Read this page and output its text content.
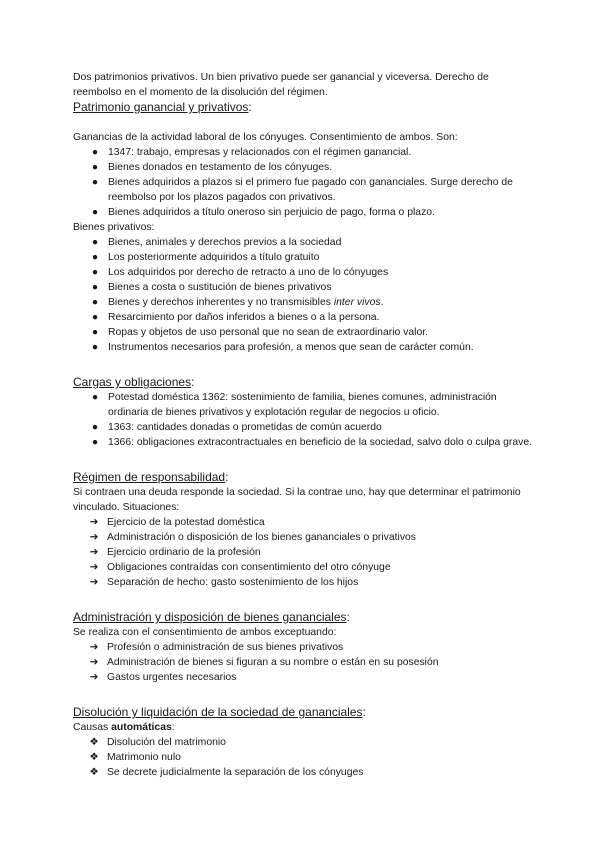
Dos patrimonios privativos. Un bien privativo puede ser ganancial y viceversa. Derecho de reembolso en el momento de la disolución del régimen.

Patrimonio ganancial y privativos:

Ganancias de la actividad laboral de los cónyuges. Consentimiento de ambos. Son:

● 1347: trabajo, empresas y relacionados con el régimen ganancial.
● Bienes donados en testamento de los cónyuges.
● Bienes adquiridos a plazos si el primero fue pagado con gananciales. Surge derecho de reembolso por los plazos pagados con privativos.
● Bienes adquiridos a título oneroso sin perjuicio de pago, forma o plazo.

Bienes privativos:

● Bienes, animales y derechos previos a la sociedad
● Los posteriormente adquiridos a título gratuito
● Los adquiridos por derecho de retracto a uno de lo cónyuges
● Bienes a costa o sustitución de bienes privativos
● Bienes y derechos inherentes y no transmisibles inter vivos.
● Resarcimiento por daños inferidos a bienes o a la persona.
● Ropas y objetos de uso personal que no sean de extraordinario valor.
● Instrumentos necesarios para profesión, a menos que sean de carácter común.

Cargas y obligaciones:

● Potestad doméstica 1362: sostenimiento de familia, bienes comunes, administración ordinaria de bienes privativos y explotación regular de negocios u oficio.
● 1363: cantidades donadas o prometidas de común acuerdo
● 1366: obligaciones extracontractuales en beneficio de la sociedad, salvo dolo o culpa grave.

Régimen de responsabilidad:

Si contraen una deuda responde la sociedad. Si la contrae uno, hay que determinar el patrimonio vinculado. Situaciones:

➔ Ejercicio de la potestad doméstica
➔ Administración o disposición de los bienes gananciales o privativos
➔ Ejercicio ordinario de la profesión
➔ Obligaciones contraídas con consentimiento del otro cónyuge
➔ Separación de hecho: gasto sostenimiento de los hijos

Administración y disposición de bienes gananciales:

Se realiza con el consentimiento de ambos exceptuando:

➔ Profesión o administración de sus bienes privativos
➔ Administración de bienes si figuran a su nombre o están en su posesión
➔ Gastos urgentes necesarios

Disolución y liquidación de la sociedad de gananciales:

Causas automáticas:

❖ Disolución del matrimonio
❖ Matrimonio nulo
❖ Se decrete judicialmente la separación de los cónyuges
